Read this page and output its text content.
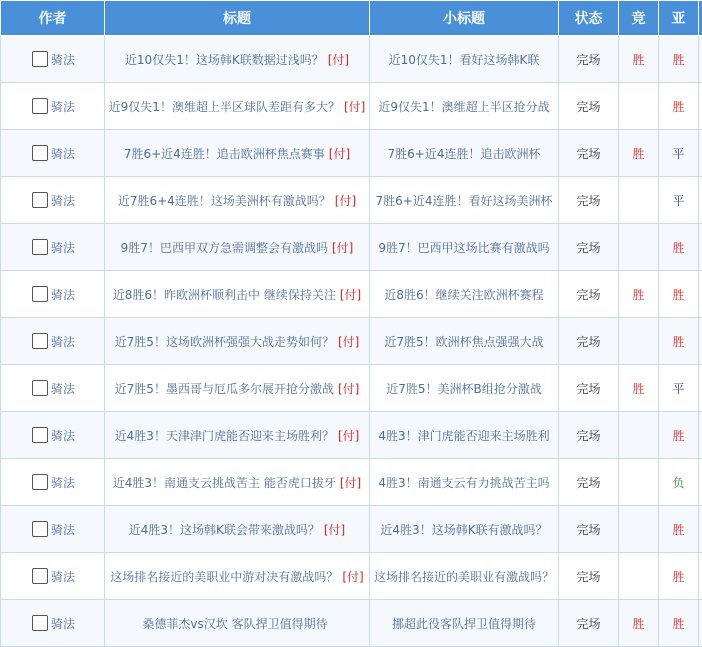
作者	标题	小标题	状态	竞	亚	

骑法	近10仅失1！这场韩K联数据过浅吗？ [付]	近10仅失1！看好这场韩K联	完场	胜	胜	

骑法	近9仅失1！澳维超上半区球队差距有多大？ [付]	近9仅失1！澳维超上半区抢分战	完场		胜	

骑法	7胜6+近4连胜！追击欧洲杯焦点赛事 [付]	7胜6+近4连胜！追击欧洲杯	完场	胜	平	

骑法	近7胜6+4连胜！这场美洲杯有激战吗？ [付]	7胜6+近4连胜！看好这场美洲杯	完场		平	

骑法	9胜7！巴西甲双方急需调整会有激战吗 [付]	9胜7！巴西甲这场比赛有激战吗	完场		胜	

骑法	近8胜6！昨欧洲杯顺利击中 继续保持关注 [付]	近8胜6！继续关注欧洲杯赛程	完场	胜	胜	

骑法	近7胜5！这场欧洲杯强强大战走势如何？ [付]	近7胜5！欧洲杯焦点强强大战	完场		胜	

骑法	近7胜5！墨西哥与厄瓜多尔展开抢分激战 [付]	近7胜5！美洲杯B组抢分激战	完场	胜	平	

骑法	近4胜3！天津津门虎能否迎来主场胜利？ [付]	4胜3！津门虎能否迎来主场胜利	完场		胜	

骑法	近4胜3！南通支云挑战苦主 能否虎口拔牙 [付]	4胜3！南通支云有力挑战苦主吗	完场		负	

骑法	近4胜3！这场韩K联会带来激战吗？ [付]	近4胜3！这场韩K联有激战吗？	完场		胜	

骑法	这场排名接近的美职业中游对决有激战吗？ [付]	这场排名接近的美职业有激战吗？	完场		胜	

骑法	桑德菲杰vs汉坎 客队捍卫值得期待	挪超此役客队捍卫值得期待	完场	胜	胜	
